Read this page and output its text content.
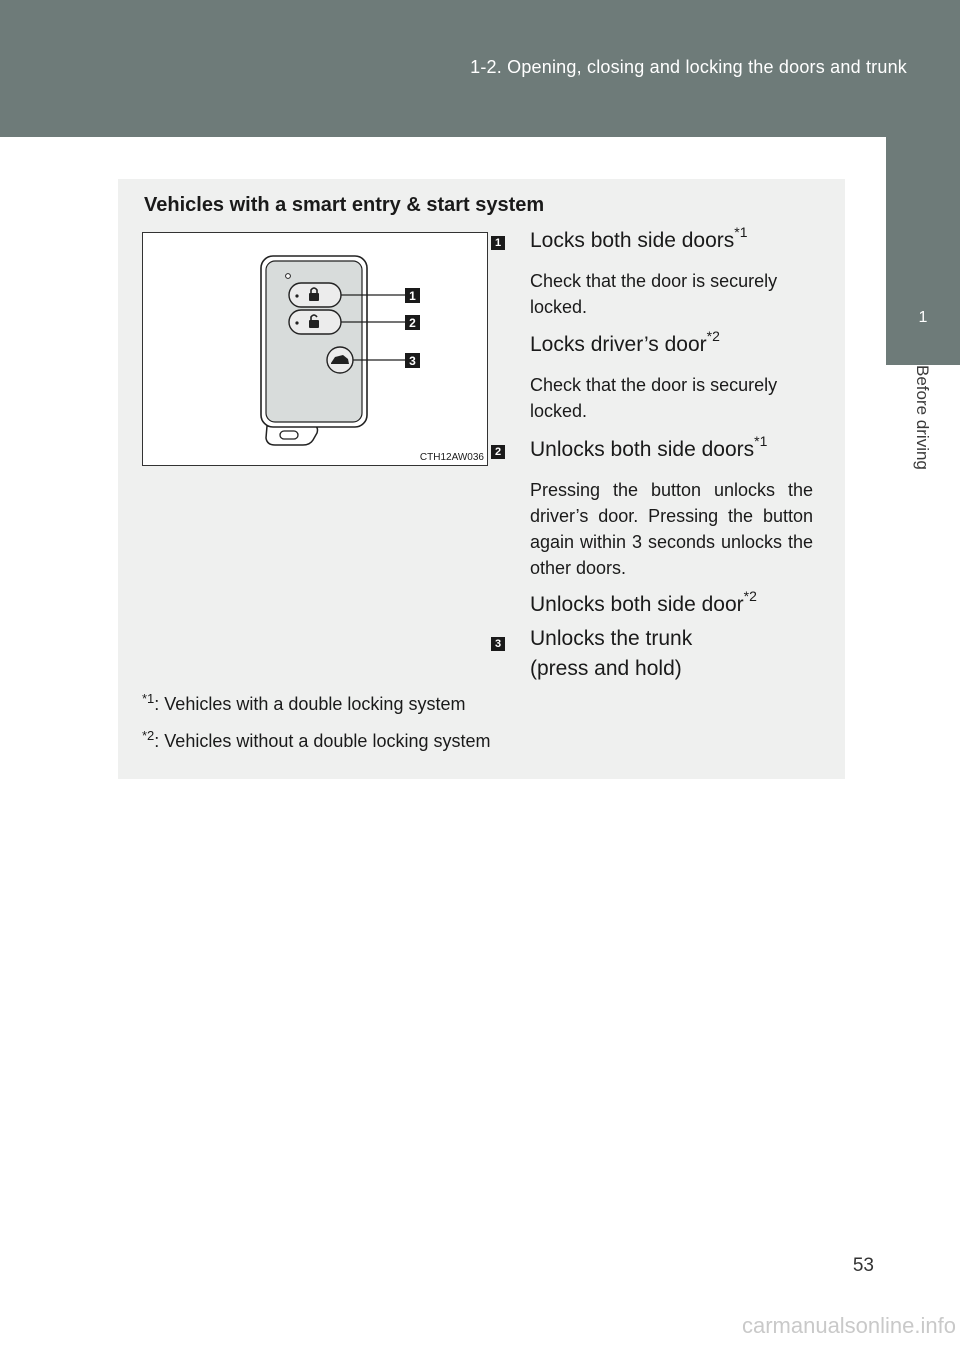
1-2. Opening, closing and locking the doors and trunk
1
Before driving
Vehicles with a smart entry & start system
1
2
3
CTH12AW036
1 Locks both side doors$^{*1}$
Check that the door is securely locked.
Locks driver’s door$^{*2}$
Check that the door is securely locked.
2 Unlocks both side doors$^{*1}$
Pressing the button unlocks the driver’s door. Pressing the button again within 3 seconds unlocks the other doors.
Unlocks both side door$^{*2}$
3 Unlocks the trunk
(press and hold)
$^{*1}$: Vehicles with a double locking system
$^{*2}$: Vehicles without a double locking system
53
carmanualsonline.info
